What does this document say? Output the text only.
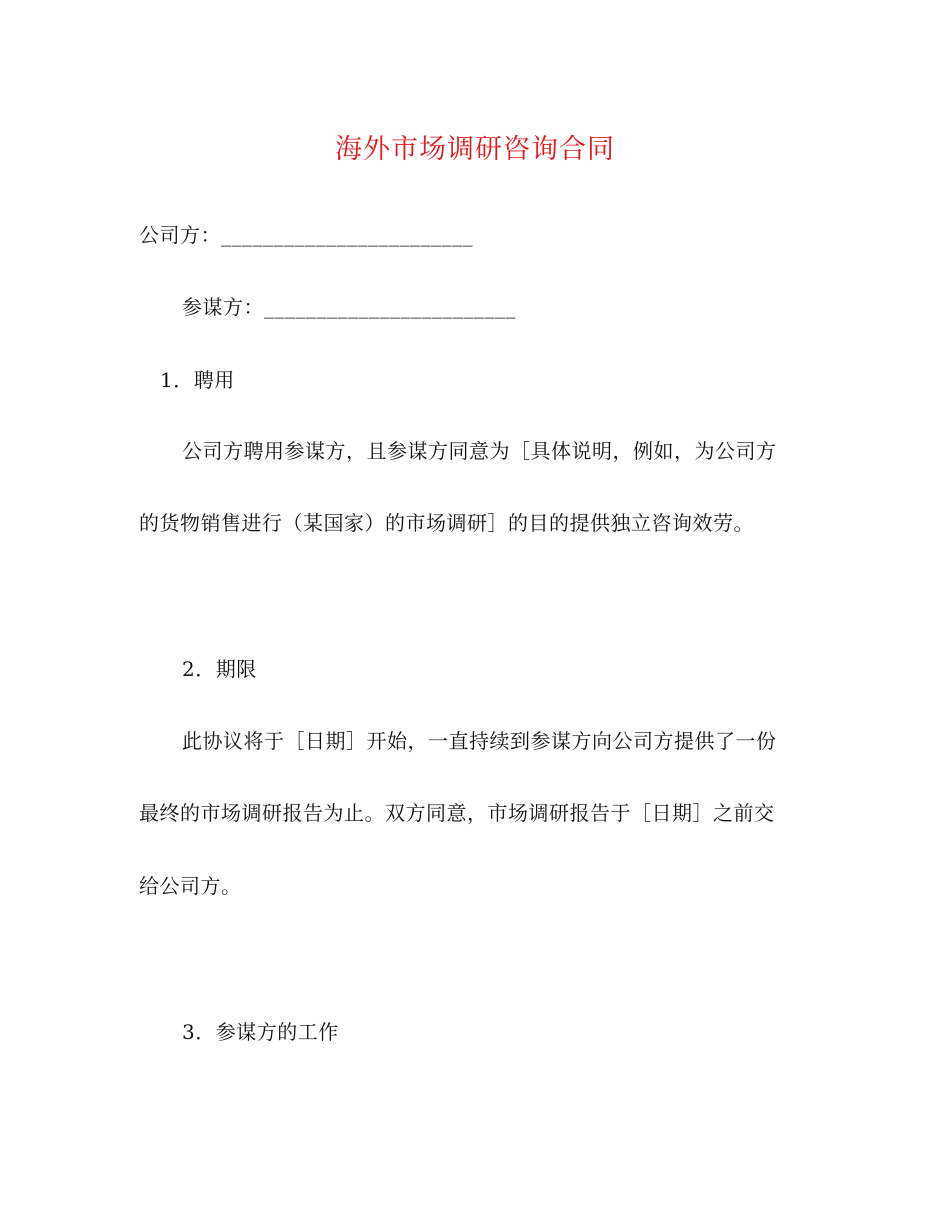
海外市场调研咨询合同
公司方：________________________
参谋方：________________________
1．聘用
公司方聘用参谋方，且参谋方同意为［具体说明，例如，为公司方
的货物销售进行（某国家）的市场调研］的目的提供独立咨询效劳。
2．期限
此协议将于［日期］开始，一直持续到参谋方向公司方提供了一份
最终的市场调研报告为止。双方同意，市场调研报告于［日期］之前交
给公司方。
3．参谋方的工作
